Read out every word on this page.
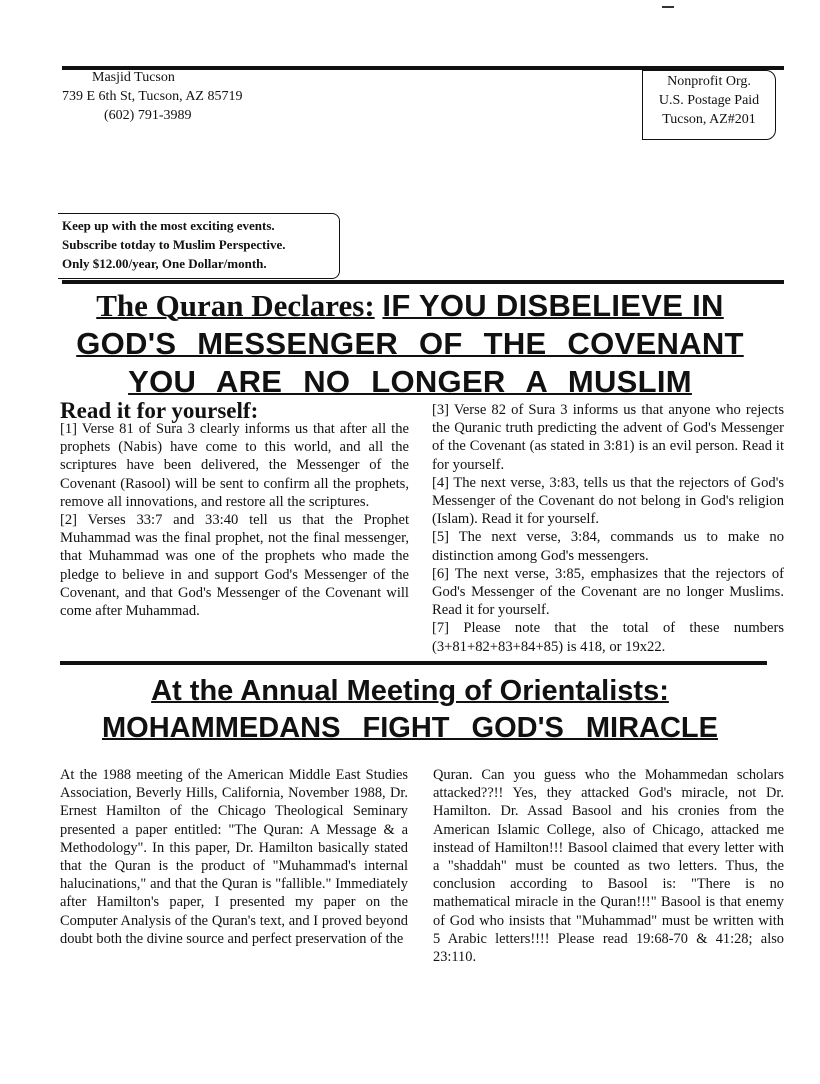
Masjid Tucson
739 E 6th St, Tucson, AZ 85719
(602) 791-3989
Nonprofit Org.
U.S. Postage Paid
Tucson, AZ#201
Keep up with the most exciting events.
Subscribe totday to Muslim Perspective.
Only $12.00/year, One Dollar/month.
The Quran Declares: IF YOU DISBELIEVE IN
GOD'S MESSENGER OF THE COVENANT
YOU ARE NO LONGER A MUSLIM
Read it for yourself:

[1] Verse 81 of Sura 3 clearly informs us that after all the prophets (Nabis) have come to this world, and all the scriptures have been delivered, the Messenger of the Covenant (Rasool) will be sent to confirm all the prophets, remove all innovations, and restore all the scriptures.

[2] Verses 33:7 and 33:40 tell us that the Prophet Muhammad was the final prophet, not the final messenger, that Muhammad was one of the prophets who made the pledge to believe in and support God's Messenger of the Covenant, and that God's Messenger of the Covenant will come after Muhammad.

[3] Verse 82 of Sura 3 informs us that anyone who rejects the Quranic truth predicting the advent of God's Messenger of the Covenant (as stated in 3:81) is an evil person. Read it for yourself.

[4] The next verse, 3:83, tells us that the rejectors of God's Messenger of the Covenant do not belong in God's religion (Islam). Read it for yourself.

[5] The next verse, 3:84, commands us to make no distinction among God's messengers.

[6] The next verse, 3:85, emphasizes that the rejectors of God's Messenger of the Covenant are no longer Muslims. Read it for yourself.

[7] Please note that the total of these numbers (3+81+82+83+84+85) is 418, or 19x22.

At the Annual Meeting of Orientalists:
MOHAMMEDANS FIGHT GOD'S MIRACLE

At the 1988 meeting of the American Middle East Studies Association, Beverly Hills, California, November 1988, Dr. Ernest Hamilton of the Chicago Theological Seminary presented a paper entitled: "The Quran: A Message & a Methodology". In this paper, Dr. Hamilton basically stated that the Quran is the product of "Muhammad's internal halucinations," and that the Quran is "fallible." Immediately after Hamilton's paper, I presented my paper on the Computer Analysis of the Quran's text, and I proved beyond doubt both the divine source and perfect preservation of the

Quran. Can you guess who the Mohammedan scholars attacked??!! Yes, they attacked God's miracle, not Dr. Hamilton. Dr. Assad Basool and his cronies from the American Islamic College, also of Chicago, attacked me instead of Hamilton!!! Basool claimed that every letter with a "shaddah" must be counted as two letters. Thus, the conclusion according to Basool is: "There is no mathematical miracle in the Quran!!!" Basool is that enemy of God who insists that "Muhammad" must be written with 5 Arabic letters!!!! Please read 19:68-70 & 41:28; also 23:110.
